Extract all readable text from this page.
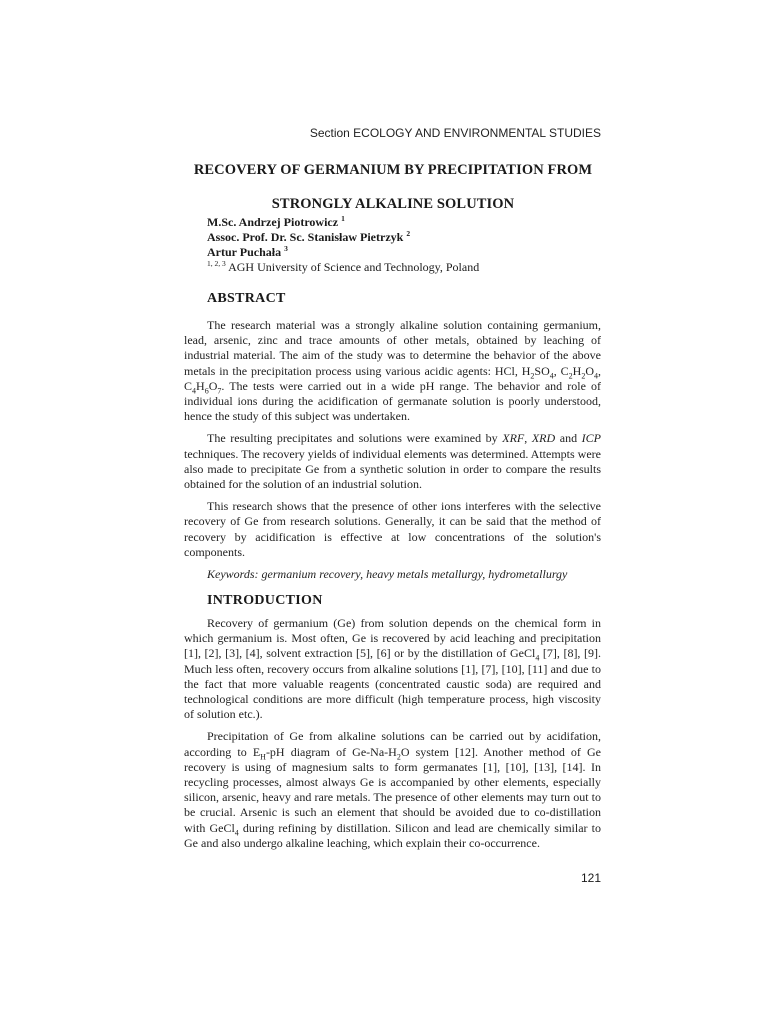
Section ECOLOGY AND ENVIRONMENTAL STUDIES
RECOVERY OF GERMANIUM BY PRECIPITATION FROM
STRONGLY ALKALINE SOLUTION
M.Sc. Andrzej Piotrowicz $^1$
Assoc. Prof. Dr. Sc. Stanisław Pietrzyk $^2$
Artur Puchała $^3$
$^{1, 2, 3}$ AGH University of Science and Technology, Poland
ABSTRACT

The research material was a strongly alkaline solution containing germanium, lead, arsenic, zinc and trace amounts of other metals, obtained by leaching of industrial material. The aim of the study was to determine the behavior of the above metals in the precipitation process using various acidic agents: HCl, $H_2SO_4$, $C_2H_2O_4$, $C_4H_6O_7$. The tests were carried out in a wide pH range. The behavior and role of individual ions during the acidification of germanate solution is poorly understood, hence the study of this subject was undertaken.

The resulting precipitates and solutions were examined by XRF, XRD and ICP techniques. The recovery yields of individual elements was determined. Attempts were also made to precipitate Ge from a synthetic solution in order to compare the results obtained for the solution of an industrial solution.

This research shows that the presence of other ions interferes with the selective recovery of Ge from research solutions. Generally, it can be said that the method of recovery by acidification is effective at low concentrations of the solution's components.

Keywords: germanium recovery, heavy metals metallurgy, hydrometallurgy

INTRODUCTION

Recovery of germanium (Ge) from solution depends on the chemical form in which germanium is. Most often, Ge is recovered by acid leaching and precipitation [1], [2], [3], [4], solvent extraction [5], [6] or by the distillation of GeCl$_4$ [7], [8], [9]. Much less often, recovery occurs from alkaline solutions [1], [7], [10], [11] and due to the fact that more valuable reagents (concentrated caustic soda) are required and technological conditions are more difficult (high temperature process, high viscosity of solution etc.).

Precipitation of Ge from alkaline solutions can be carried out by acidifation, according to $E_H-pH$ diagram of $Ge-Na-H_2O$ system [12]. Another method of Ge recovery is using of magnesium salts to form germanates [1], [10], [13], [14]. In recycling processes, almost always Ge is accompanied by other elements, especially silicon, arsenic, heavy and rare metals. The presence of other elements may turn out to be crucial. Arsenic is such an element that should be avoided due to co-distillation with GeCl$_4$ during refining by distillation. Silicon and lead are chemically similar to Ge and also undergo alkaline leaching, which explain their co-occurrence.

121
